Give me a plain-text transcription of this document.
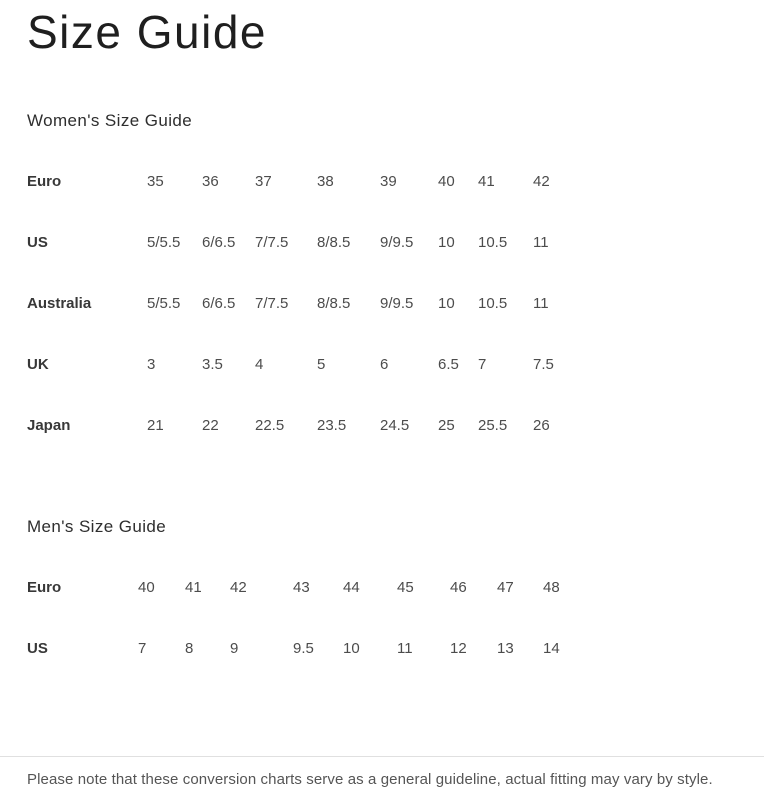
Size Guide
Women's Size Guide
Euro	35	36	37	38	39	40	41	42
US	5/5.5	6/6.5	7/7.5	8/8.5	9/9.5	10	10.5	11
Australia	5/5.5	6/6.5	7/7.5	8/8.5	9/9.5	10	10.5	11
UK	3	3.5	4	5	6	6.5	7	7.5
Japan	21	22	22.5	23.5	24.5	25	25.5	26
Men's Size Guide
Euro	40	41	42	43	44	45	46	47	48
US	7	8	9	9.5	10	11	12	13	14

Please note that these conversion charts serve as a general guideline, actual fitting may vary by style.
